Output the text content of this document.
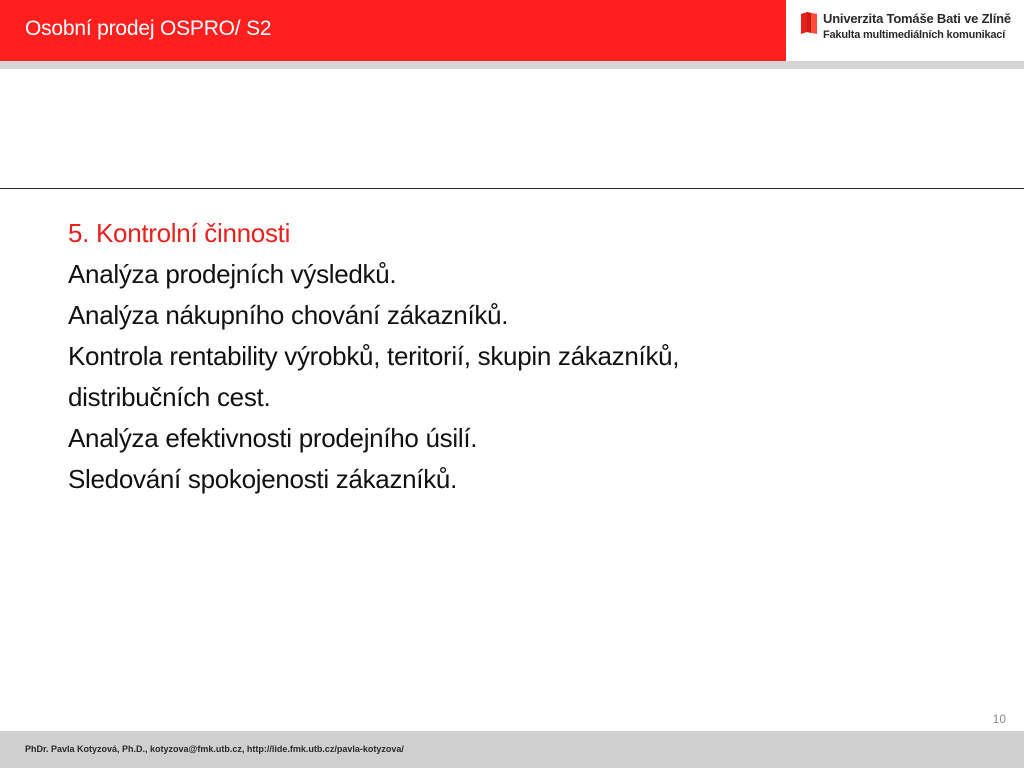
Osobní prodej OSPRO/ S2	Univerzita Tomáše Bati ve Zlíně
Fakulta multimediálních komunikací
5. Kontrolní činnosti
Analýza prodejních výsledků.
Analýza nákupního chování zákazníků.
Kontrola rentability výrobků, teritorií, skupin zákazníků,
distribučních cest.
Analýza efektivnosti prodejního úsilí.
Sledování spokojenosti zákazníků.
10
PhDr. Pavla Kotyzová, Ph.D., kotyzova@fmk.utb.cz, http://lide.fmk.utb.cz/pavla-kotyzova/
